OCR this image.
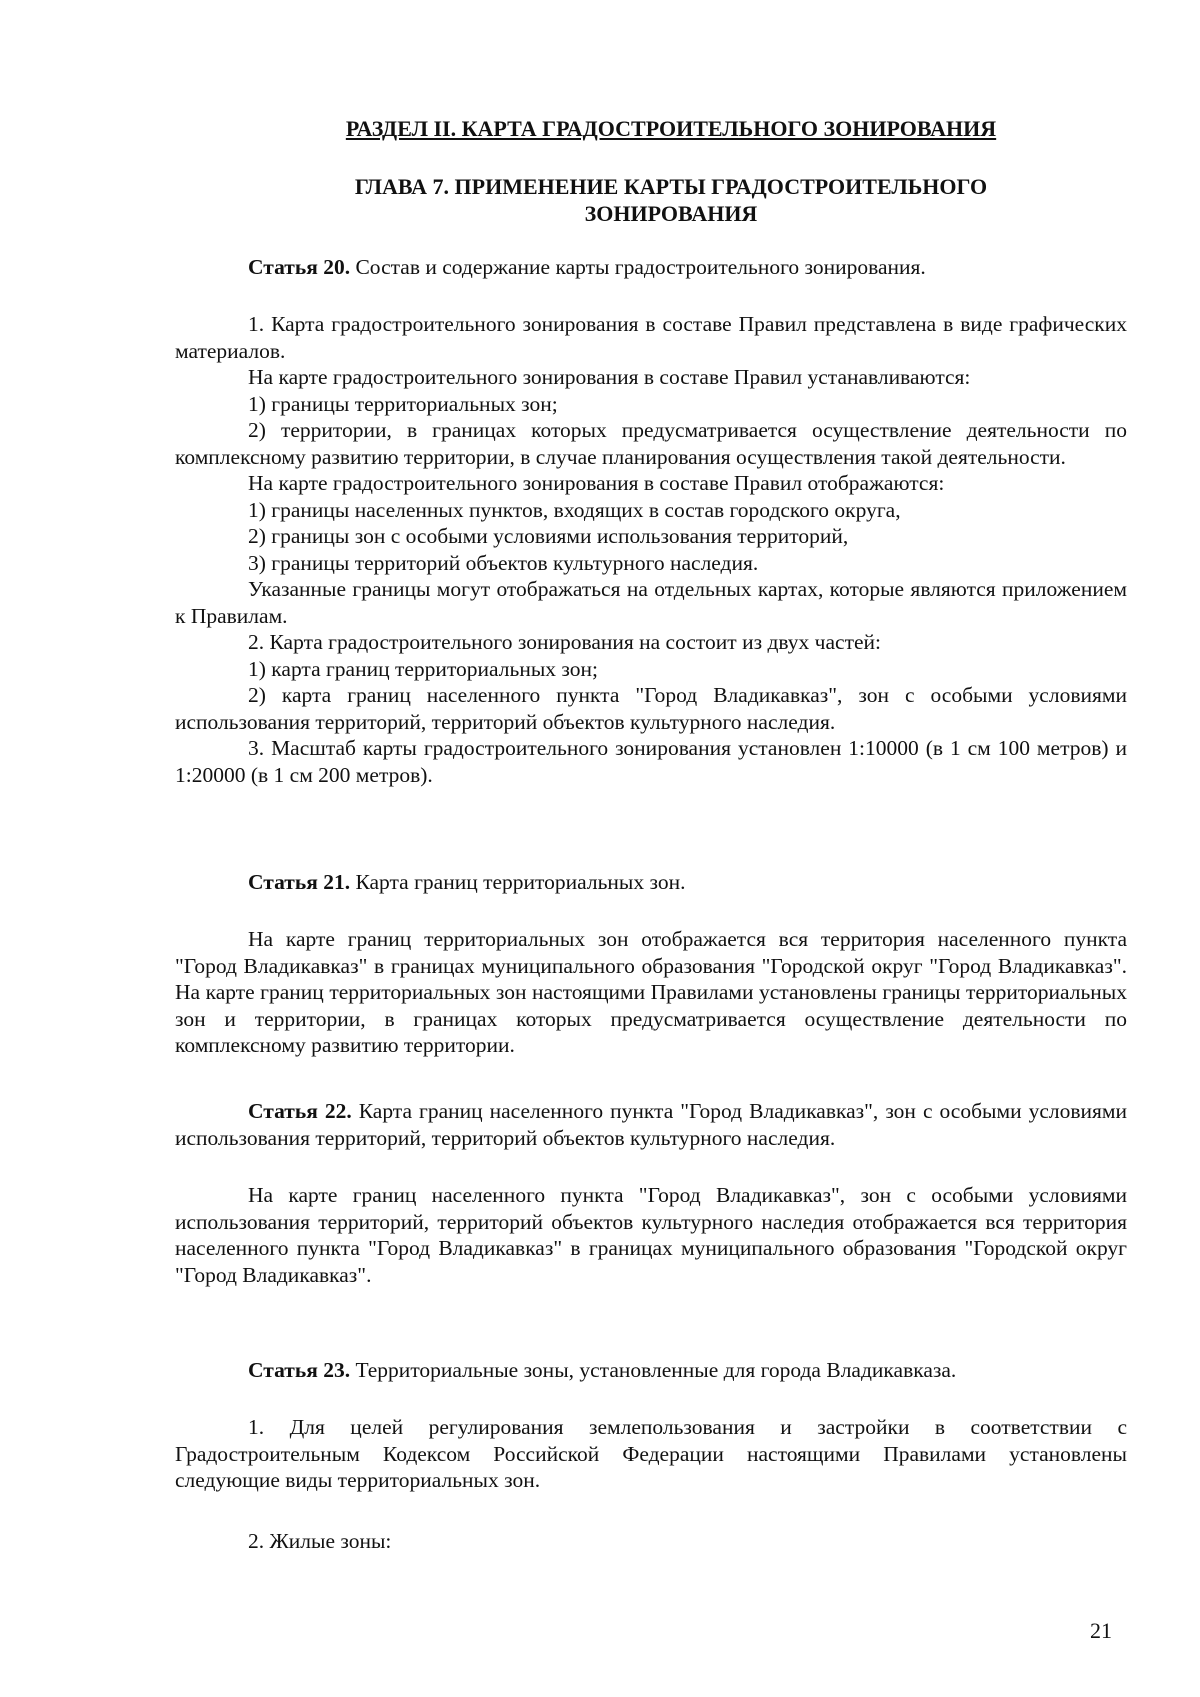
РАЗДЕЛ II. КАРТА ГРАДОСТРОИТЕЛЬНОГО ЗОНИРОВАНИЯ
ГЛАВА 7. ПРИМЕНЕНИЕ КАРТЫ ГРАДОСТРОИТЕЛЬНОГО
ЗОНИРОВАНИЯ

Статья 20. Состав и содержание карты градостроительного зонирования.

1. Карта градостроительного зонирования в составе Правил представлена в виде графических материалов.

На карте градостроительного зонирования в составе Правил устанавливаются:

1) границы территориальных зон;

2) территории, в границах которых предусматривается осуществление деятельности по комплексному развитию территории, в случае планирования осуществления такой деятельности.

На карте градостроительного зонирования в составе Правил отображаются:

1) границы населенных пунктов, входящих в состав городского округа,

2) границы зон с особыми условиями использования территорий,

3) границы территорий объектов культурного наследия.

Указанные границы могут отображаться на отдельных картах, которые являются приложением к Правилам.

2. Карта градостроительного зонирования на состоит из двух частей:

1) карта границ территориальных зон;

2) карта границ населенного пункта "Город Владикавказ", зон с особыми условиями использования территорий, территорий объектов культурного наследия.

3. Масштаб карты градостроительного зонирования установлен 1:10000 (в 1 см 100 метров) и 1:20000 (в 1 см 200 метров).

Статья 21. Карта границ территориальных зон.

На карте границ территориальных зон отображается вся территория населенного пункта "Город Владикавказ" в границах муниципального образования "Городской округ "Город Владикавказ". На карте границ территориальных зон настоящими Правилами установлены границы территориальных зон и территории, в границах которых предусматривается осуществление деятельности по комплексному развитию территории.

Статья 22. Карта границ населенного пункта "Город Владикавказ", зон с особыми условиями использования территорий, территорий объектов культурного наследия.

На карте границ населенного пункта "Город Владикавказ", зон с особыми условиями использования территорий, территорий объектов культурного наследия отображается вся территория населенного пункта "Город Владикавказ" в границах муниципального образования "Городской округ "Город Владикавказ".

Статья 23. Территориальные зоны, установленные для города Владикавказа.

1. Для целей регулирования землепользования и застройки в соответствии с Градостроительным Кодексом Российской Федерации настоящими Правилами установлены следующие виды территориальных зон.

2. Жилые зоны:

21
